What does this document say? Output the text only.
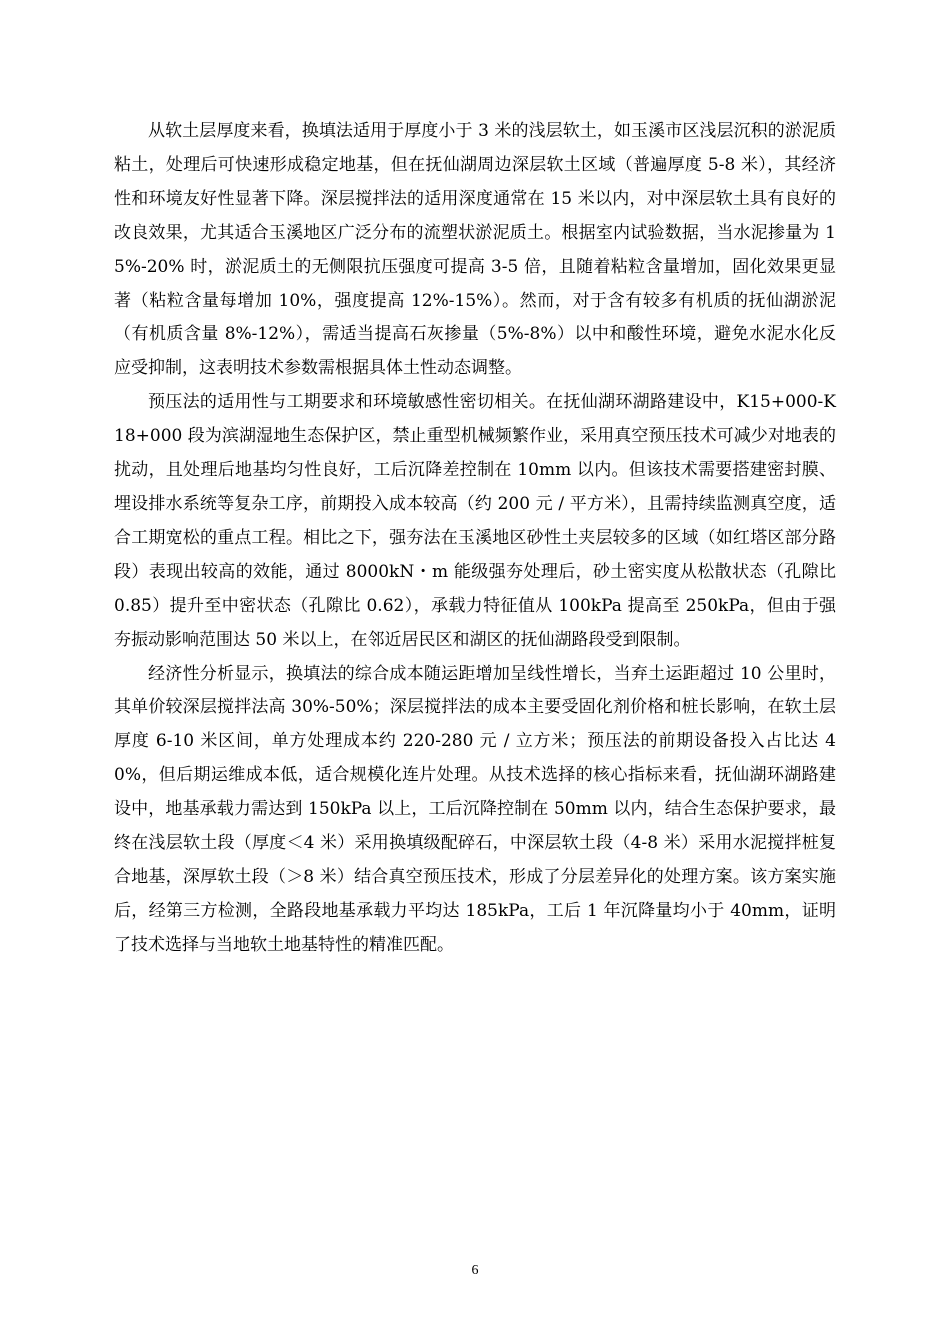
从软土层厚度来看，换填法适用于厚度小于 3 米的浅层软土，如玉溪市区浅层沉积的淤泥质粘土，处理后可快速形成稳定地基，但在抚仙湖周边深层软土区域（普遍厚度 5-8 米），其经济性和环境友好性显著下降。深层搅拌法的适用深度通常在 15 米以内，对中深层软土具有良好的改良效果，尤其适合玉溪地区广泛分布的流塑状淤泥质土。根据室内试验数据，当水泥掺量为 15%-20% 时，淤泥质土的无侧限抗压强度可提高 3-5 倍，且随着粘粒含量增加，固化效果更显著（粘粒含量每增加 10%，强度提高 12%-15%）。然而，对于含有较多有机质的抚仙湖淤泥（有机质含量 8%-12%），需适当提高石灰掺量（5%-8%）以中和酸性环境，避免水泥水化反应受抑制，这表明技术参数需根据具体土性动态调整。

预压法的适用性与工期要求和环境敏感性密切相关。在抚仙湖环湖路建设中，K15+000-K18+000 段为滨湖湿地生态保护区，禁止重型机械频繁作业，采用真空预压技术可减少对地表的扰动，且处理后地基均匀性良好，工后沉降差控制在 10mm 以内。但该技术需要搭建密封膜、埋设排水系统等复杂工序，前期投入成本较高（约 200 元 / 平方米），且需持续监测真空度，适合工期宽松的重点工程。相比之下，强夯法在玉溪地区砂性土夹层较多的区域（如红塔区部分路段）表现出较高的效能，通过 8000kN・m 能级强夯处理后，砂土密实度从松散状态（孔隙比 0.85）提升至中密状态（孔隙比 0.62），承载力特征值从 100kPa 提高至 250kPa，但由于强夯振动影响范围达 50 米以上，在邻近居民区和湖区的抚仙湖路段受到限制。

经济性分析显示，换填法的综合成本随运距增加呈线性增长，当弃土运距超过 10 公里时，其单价较深层搅拌法高 30%-50%；深层搅拌法的成本主要受固化剂价格和桩长影响，在软土层厚度 6-10 米区间，单方处理成本约 220-280 元 / 立方米；预压法的前期设备投入占比达 40%，但后期运维成本低，适合规模化连片处理。从技术选择的核心指标来看，抚仙湖环湖路建设中，地基承载力需达到 150kPa 以上，工后沉降控制在 50mm 以内，结合生态保护要求，最终在浅层软土段（厚度＜4 米）采用换填级配碎石，中深层软土段（4-8 米）采用水泥搅拌桩复合地基，深厚软土段（＞8 米）结合真空预压技术，形成了分层差异化的处理方案。该方案实施后，经第三方检测，全路段地基承载力平均达 185kPa，工后 1 年沉降量均小于 40mm，证明了技术选择与当地软土地基特性的精准匹配。

6
